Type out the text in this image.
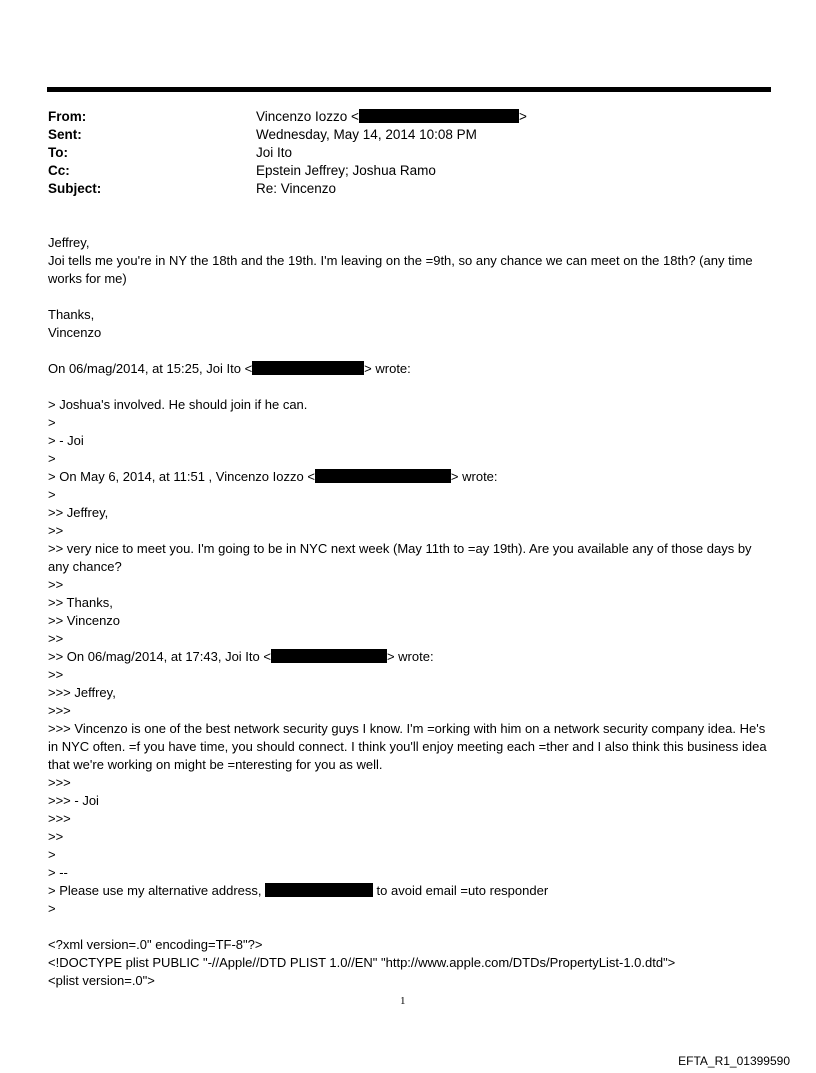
From:	Vincenzo Iozzo <	>
Sent:	Wednesday, May 14, 2014 10:08 PM
To:	Joi Ito
Cc:	Epstein Jeffrey; Joshua Ramo
Subject:	Re: Vincenzo
Jeffrey,
Joi tells me you're in NY the 18th and the 19th. I'm leaving on the =9th, so any chance we can meet on the 18th? (any time works for me)
Thanks,
Vincenzo
On 06/mag/2014, at 15:25, Joi Ito <	> wrote:
> Joshua's involved. He should join if he can.
>
> - Joi
>
> On May 6, 2014, at 11:51 , Vincenzo Iozzo <	> wrote:
>
>> Jeffrey,
>>
>> very nice to meet you. I'm going to be in NYC next week (May 11th to =ay 19th). Are you available any of those days by any chance?
>>
>> Thanks,
>> Vincenzo
>>
>> On 06/mag/2014, at 17:43, Joi Ito <	> wrote:
>>
>>> Jeffrey,
>>>
>>> Vincenzo is one of the best network security guys I know. I'm =orking with him on a network security company idea. He's in NYC often. =f you have time, you should connect. I think you'll enjoy meeting each =ther and I also think this business idea that we're working on might be =nteresting for you as well.
>>>
>>> - Joi
>>>
>>
>
> --
> Please use my alternative address,	to avoid email =uto responder
>
<?xml version=.0" encoding=TF-8"?>
<!DOCTYPE plist PUBLIC "-//Apple//DTD PLIST 1.0//EN" "http://www.apple.com/DTDs/PropertyList-1.0.dtd">
<plist version=.0">
1
EFTA_R1_01399590
